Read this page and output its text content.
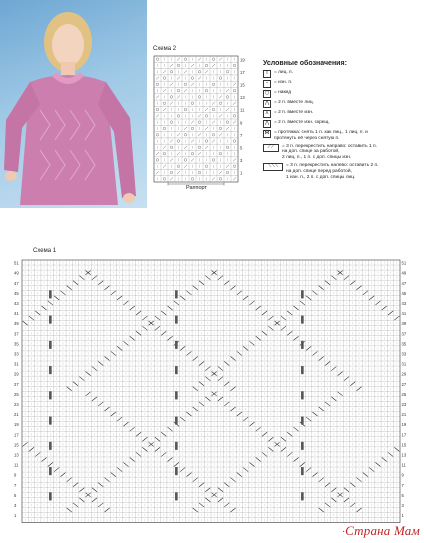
Схема 2
19
17
15
13
11
9
7
5
3
1
Раппорт
Условные обозначения:
I	= лиц. п.
–	= изн. п.
○	= накид
⋀	= 2 п. вместе лиц.
⋏	= 2 п. вместе изн.
⋀	= 2 п. вместе изн. скрещ.
⋈ = протяжка: снять 1 п. как лиц., 1 лиц. п. и
протянуть её через снятую п.
⟋⟋	= 3 п. перекрестить направо: оставить 1 п.
на доп. спице за работой,
2 лиц. п., 1 п. с доп. спицы изн.
⟍⟍⟍	= 3 п. перекрестить налево: оставить 2 п.
на доп. спице перед работой,
1 изн. п., 2 п. с доп. спицы лиц.
Схема 1
51	51
49	49
47	47
45	45
43	43
41	41
39	39
37	37
35	35
33	33
31	31
29	29
27	27
25	25
23	23
21	21
19	19
17	17
15	15
13	13
11	11
9	9
7	7
5	5
3	3
1	1
·Страна Мам
